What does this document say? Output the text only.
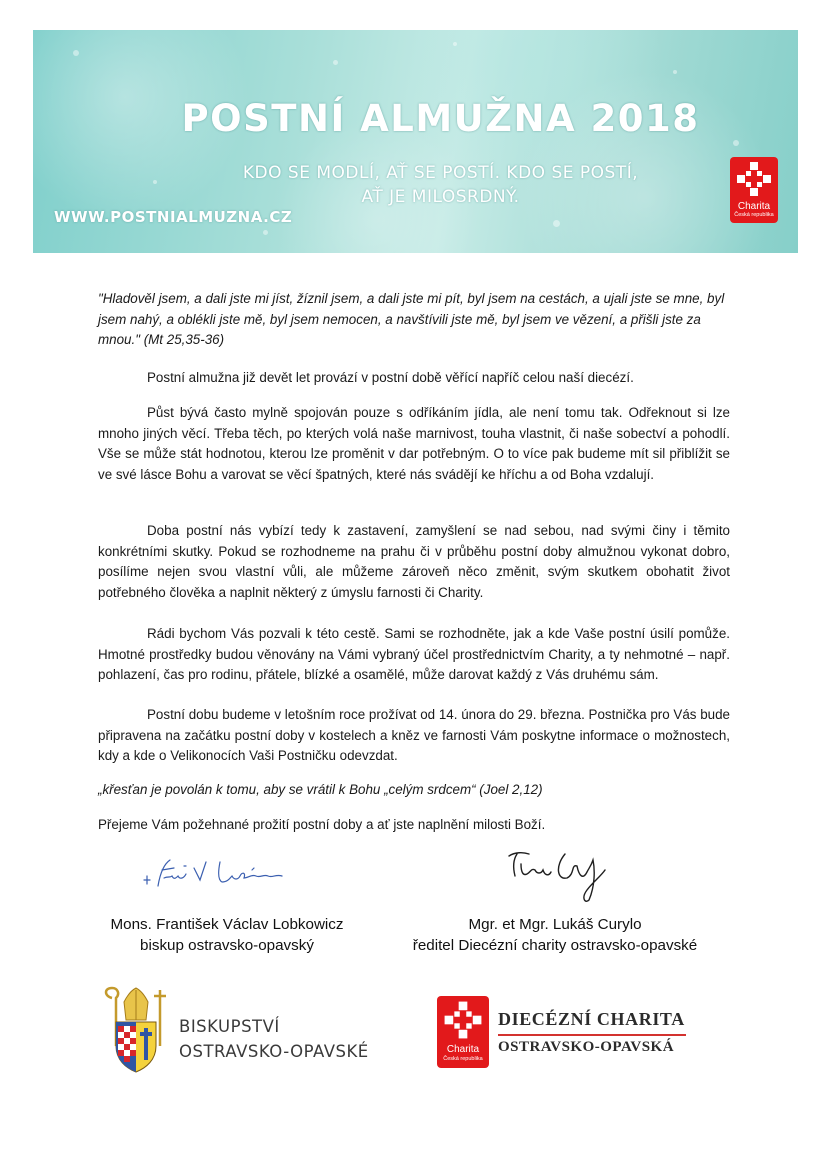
POSTNÍ ALMUŽNA 2018
KDO SE MODLÍ, AŤ SE POSTÍ. KDO SE POSTÍ,
AŤ JE MILOSRDNÝ.
WWW.POSTNIALMUZNA.CZ
Charita
Česká republika

"Hladověl jsem, a dali jste mi jíst, žíznil jsem, a dali jste mi pít, byl jsem na cestách, a ujali jste se mne, byl jsem nahý, a oblékli jste mě, byl jsem nemocen, a navštívili jste mě, byl jsem ve vězení, a přišli jste za mnou." (Mt 25,35-36)

Postní almužna již devět let provází v postní době věřící napříč celou naší diecézí.

Půst bývá často mylně spojován pouze s odříkáním jídla, ale není tomu tak. Odřeknout si lze mnoho jiných věcí. Třeba těch, po kterých volá naše marnivost, touha vlastnit, či naše sobectví a pohodlí. Vše se může stát hodnotou, kterou lze proměnit v dar potřebným. O to více pak budeme mít sil přiblížit se ve své lásce Bohu a varovat se věcí špatných, které nás svádějí ke hříchu a od Boha vzdalují.

Doba postní nás vybízí tedy k zastavení, zamyšlení se nad sebou, nad svými činy i těmito konkrétními skutky. Pokud se rozhodneme na prahu či v průběhu postní doby almužnou vykonat dobro, posílíme nejen svou vlastní vůli, ale můžeme zároveň něco změnit, svým skutkem obohatit život potřebného člověka a naplnit některý z úmyslu farnosti či Charity.

Rádi bychom Vás pozvali k této cestě. Sami se rozhodněte, jak a kde Vaše postní úsilí pomůže. Hmotné prostředky budou věnovány na Vámi vybraný účel prostřednictvím Charity, a ty nehmotné – např. pohlazení, čas pro rodinu, přátele, blízké a osamělé, může darovat každý z Vás druhému sám.

Postní dobu budeme v letošním roce prožívat od 14. února do 29. března. Postnička pro Vás bude připravena na začátku postní doby v kostelech a kněz ve farnosti Vám poskytne informace o možnostech, kdy a kde o Velikonocích Vaši Postničku odevzdat.

„křesťan je povolán k tomu, aby se vrátil k Bohu „celým srdcem“ (Joel 2,12)

Přejeme Vám požehnané prožití postní doby a ať jste naplnění milosti Boží.

Mons. František Václav Lobkowicz
biskup ostravsko-opavský
Mgr. et Mgr. Lukáš Curylo
ředitel Diecézní charity ostravsko-opavské
BISKUPSTVÍ
OSTRAVSKO-OPAVSKÉ	Charita
Česká republika
DIECÉZNÍ CHARITA
OSTRAVSKO-OPAVSKÁ
